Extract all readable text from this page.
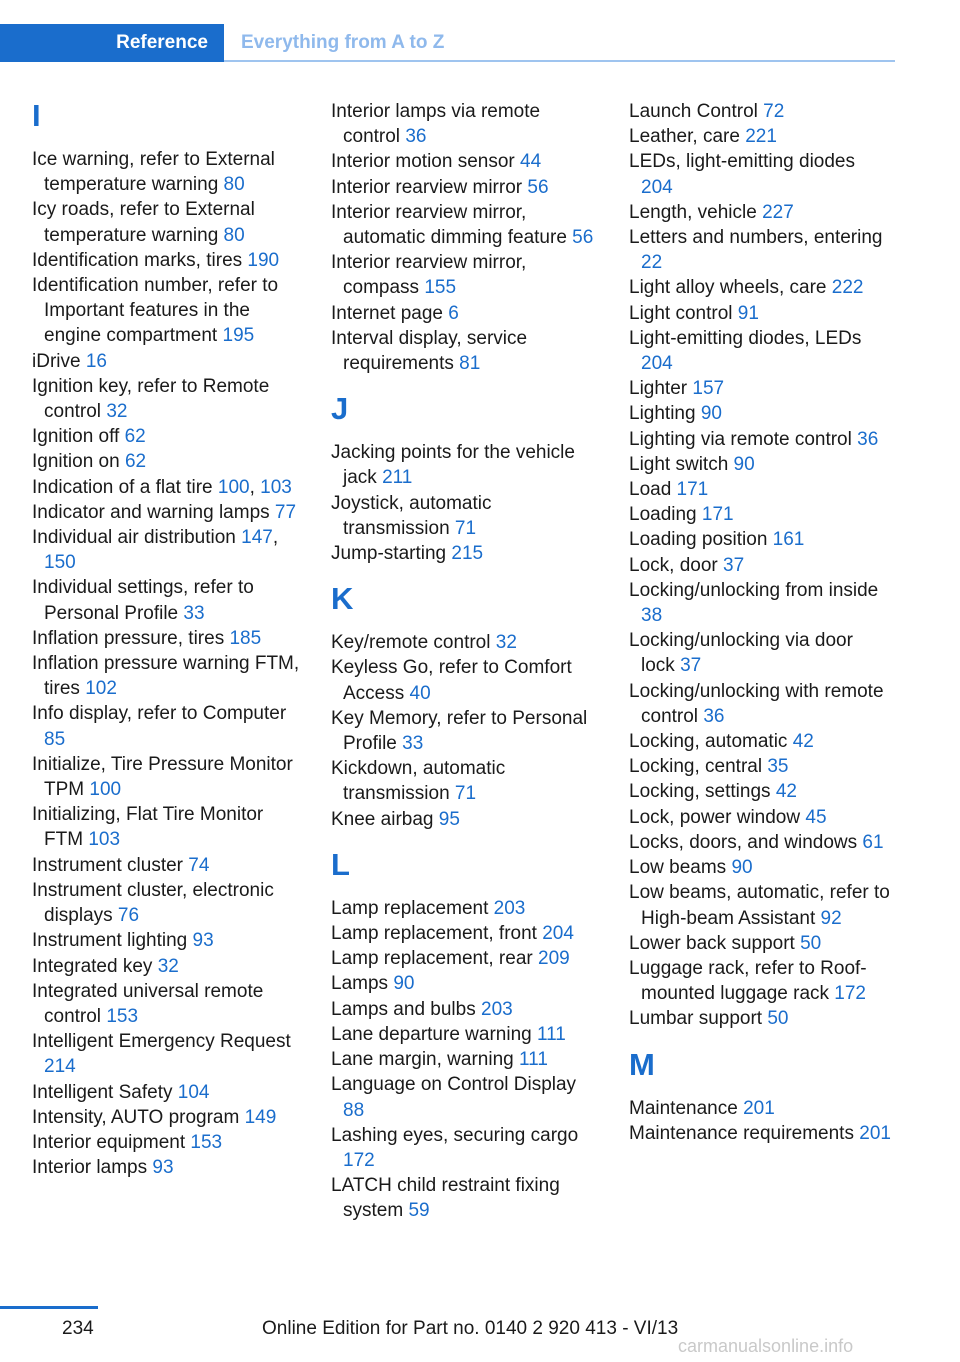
Reference	Everything from A to Z
I
Ice warning, refer to External temperature warning 80
Icy roads, refer to External temperature warning 80
Identification marks, tires 190
Identification number, refer to Important features in the engine compartment 195
iDrive 16
Ignition key, refer to Remote control 32
Ignition off 62
Ignition on 62
Indication of a flat tire 100, 103
Indicator and warning lamps 77
Individual air distribution 147, 150
Individual settings, refer to Personal Profile 33
Inflation pressure, tires 185
Inflation pressure warning FTM, tires 102
Info display, refer to Computer 85
Initialize, Tire Pressure Monitor TPM 100
Initializing, Flat Tire Monitor FTM 103
Instrument cluster 74
Instrument cluster, electronic displays 76
Instrument lighting 93
Integrated key 32
Integrated universal remote control 153
Intelligent Emergency Request 214
Intelligent Safety 104
Intensity, AUTO program 149
Interior equipment 153
Interior lamps 93
Interior lamps via remote control 36
Interior motion sensor 44
Interior rearview mirror 56
Interior rearview mirror, automatic dimming feature 56
Interior rearview mirror, compass 155
Internet page 6
Interval display, service requirements 81
J
Jacking points for the vehicle jack 211
Joystick, automatic transmission 71
Jump-starting 215
K
Key/remote control 32
Keyless Go, refer to Comfort Access 40
Key Memory, refer to Personal Profile 33
Kickdown, automatic transmission 71
Knee airbag 95
L
Lamp replacement 203
Lamp replacement, front 204
Lamp replacement, rear 209
Lamps 90
Lamps and bulbs 203
Lane departure warning 111
Lane margin, warning 111
Language on Control Display 88
Lashing eyes, securing cargo 172
LATCH child restraint fixing system 59
Launch Control 72
Leather, care 221
LEDs, light-emitting diodes 204
Length, vehicle 227
Letters and numbers, entering 22
Light alloy wheels, care 222
Light control 91
Light-emitting diodes, LEDs 204
Lighter 157
Lighting 90
Lighting via remote control 36
Light switch 90
Load 171
Loading 171
Loading position 161
Lock, door 37
Locking/unlocking from inside 38
Locking/unlocking via door lock 37
Locking/unlocking with remote control 36
Locking, automatic 42
Locking, central 35
Locking, settings 42
Lock, power window 45
Locks, doors, and windows 61
Low beams 90
Low beams, automatic, refer to High-beam Assistant 92
Lower back support 50
Luggage rack, refer to Roof-mounted luggage rack 172
Lumbar support 50
M
Maintenance 201
Maintenance requirements 201
234	Online Edition for Part no. 0140 2 920 413 - VI/13
carmanualsonline.info
